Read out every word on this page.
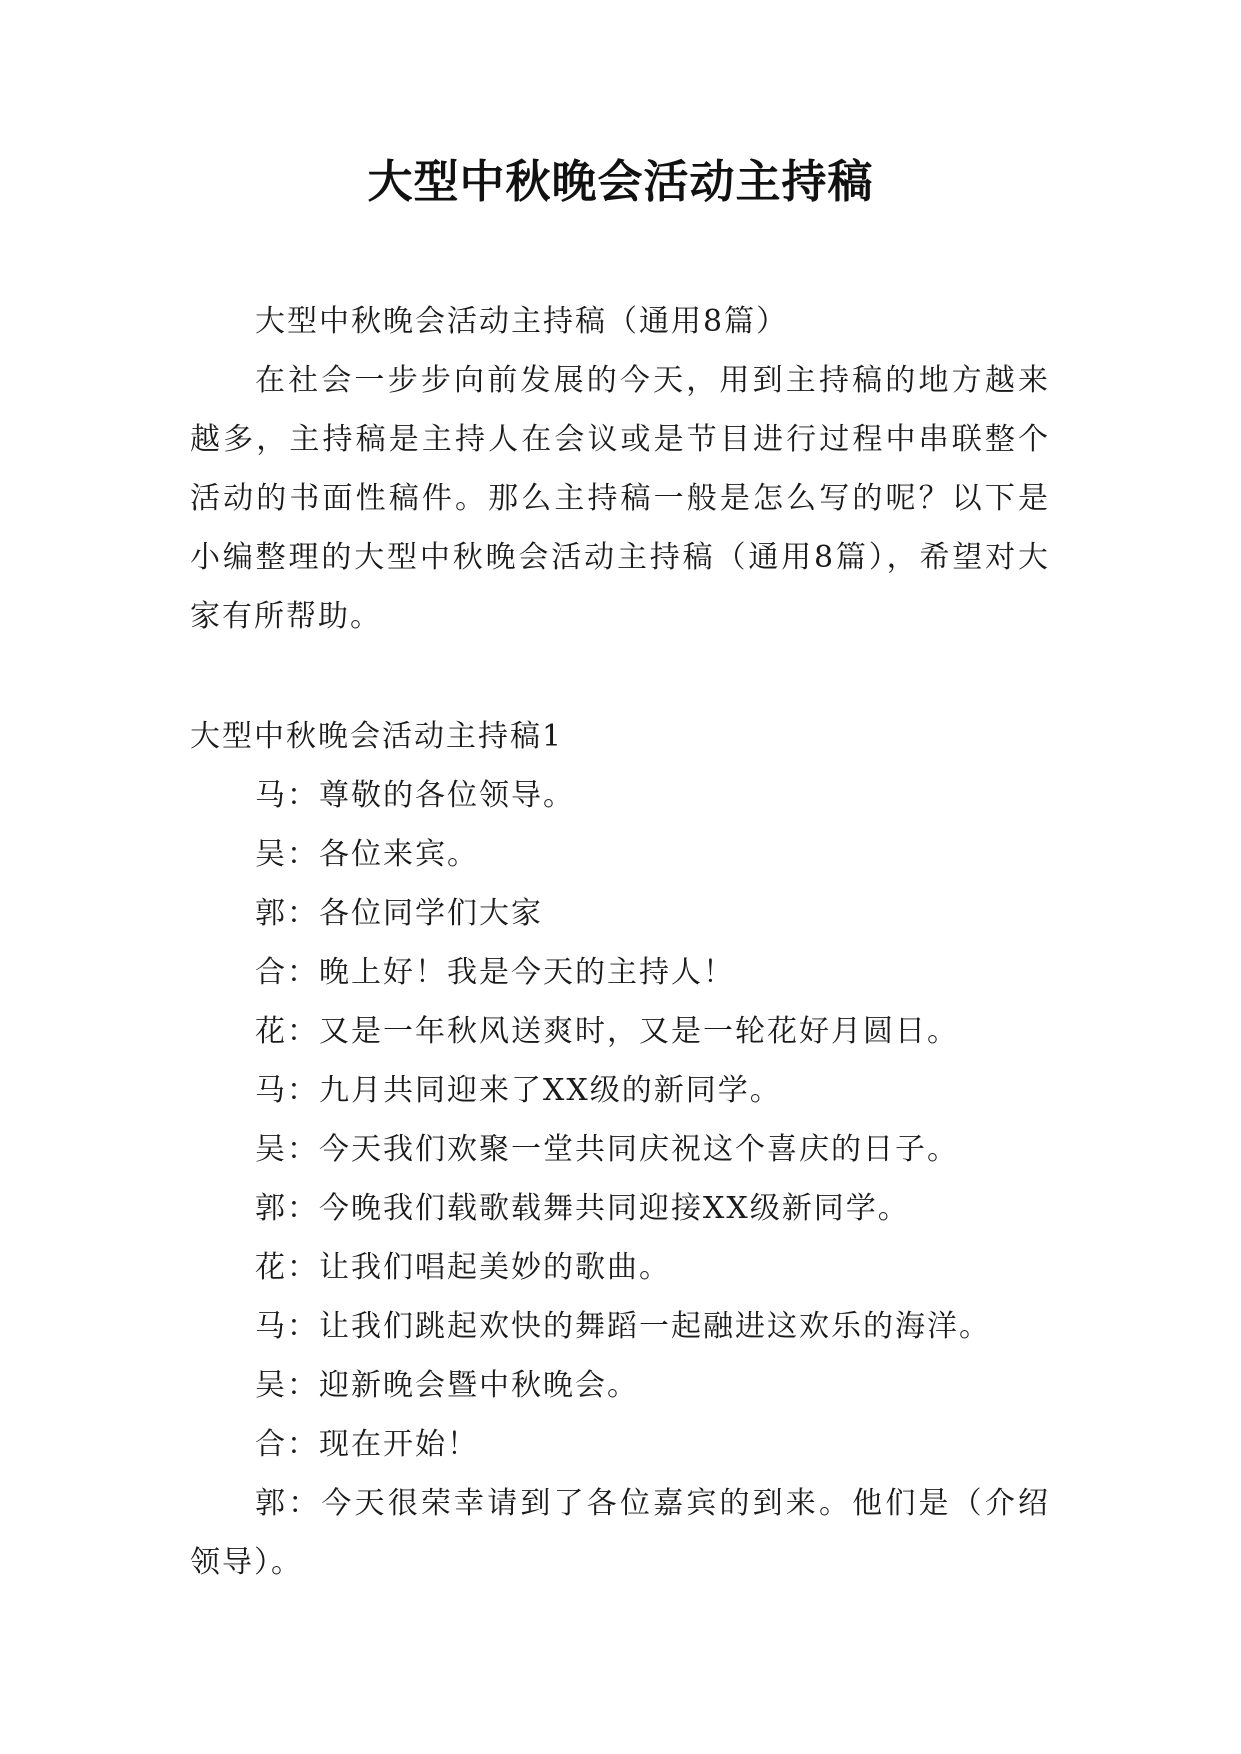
大型中秋晚会活动主持稿

大型中秋晚会活动主持稿（通用8篇）

在社会一步步向前发展的今天，用到主持稿的地方越来越多，主持稿是主持人在会议或是节目进行过程中串联整个活动的书面性稿件。那么主持稿一般是怎么写的呢？以下是小编整理的大型中秋晚会活动主持稿（通用8篇），希望对大家有所帮助。

大型中秋晚会活动主持稿1

马：尊敬的各位领导。

吴：各位来宾。

郭：各位同学们大家

合：晚上好！我是今天的主持人！

花：又是一年秋风送爽时，又是一轮花好月圆日。

马：九月共同迎来了XX级的新同学。

吴：今天我们欢聚一堂共同庆祝这个喜庆的日子。

郭：今晚我们载歌载舞共同迎接XX级新同学。

花：让我们唱起美妙的歌曲。

马：让我们跳起欢快的舞蹈一起融进这欢乐的海洋。

吴：迎新晚会暨中秋晚会。

合：现在开始！

郭：今天很荣幸请到了各位嘉宾的到来。他们是（介绍领导）。
